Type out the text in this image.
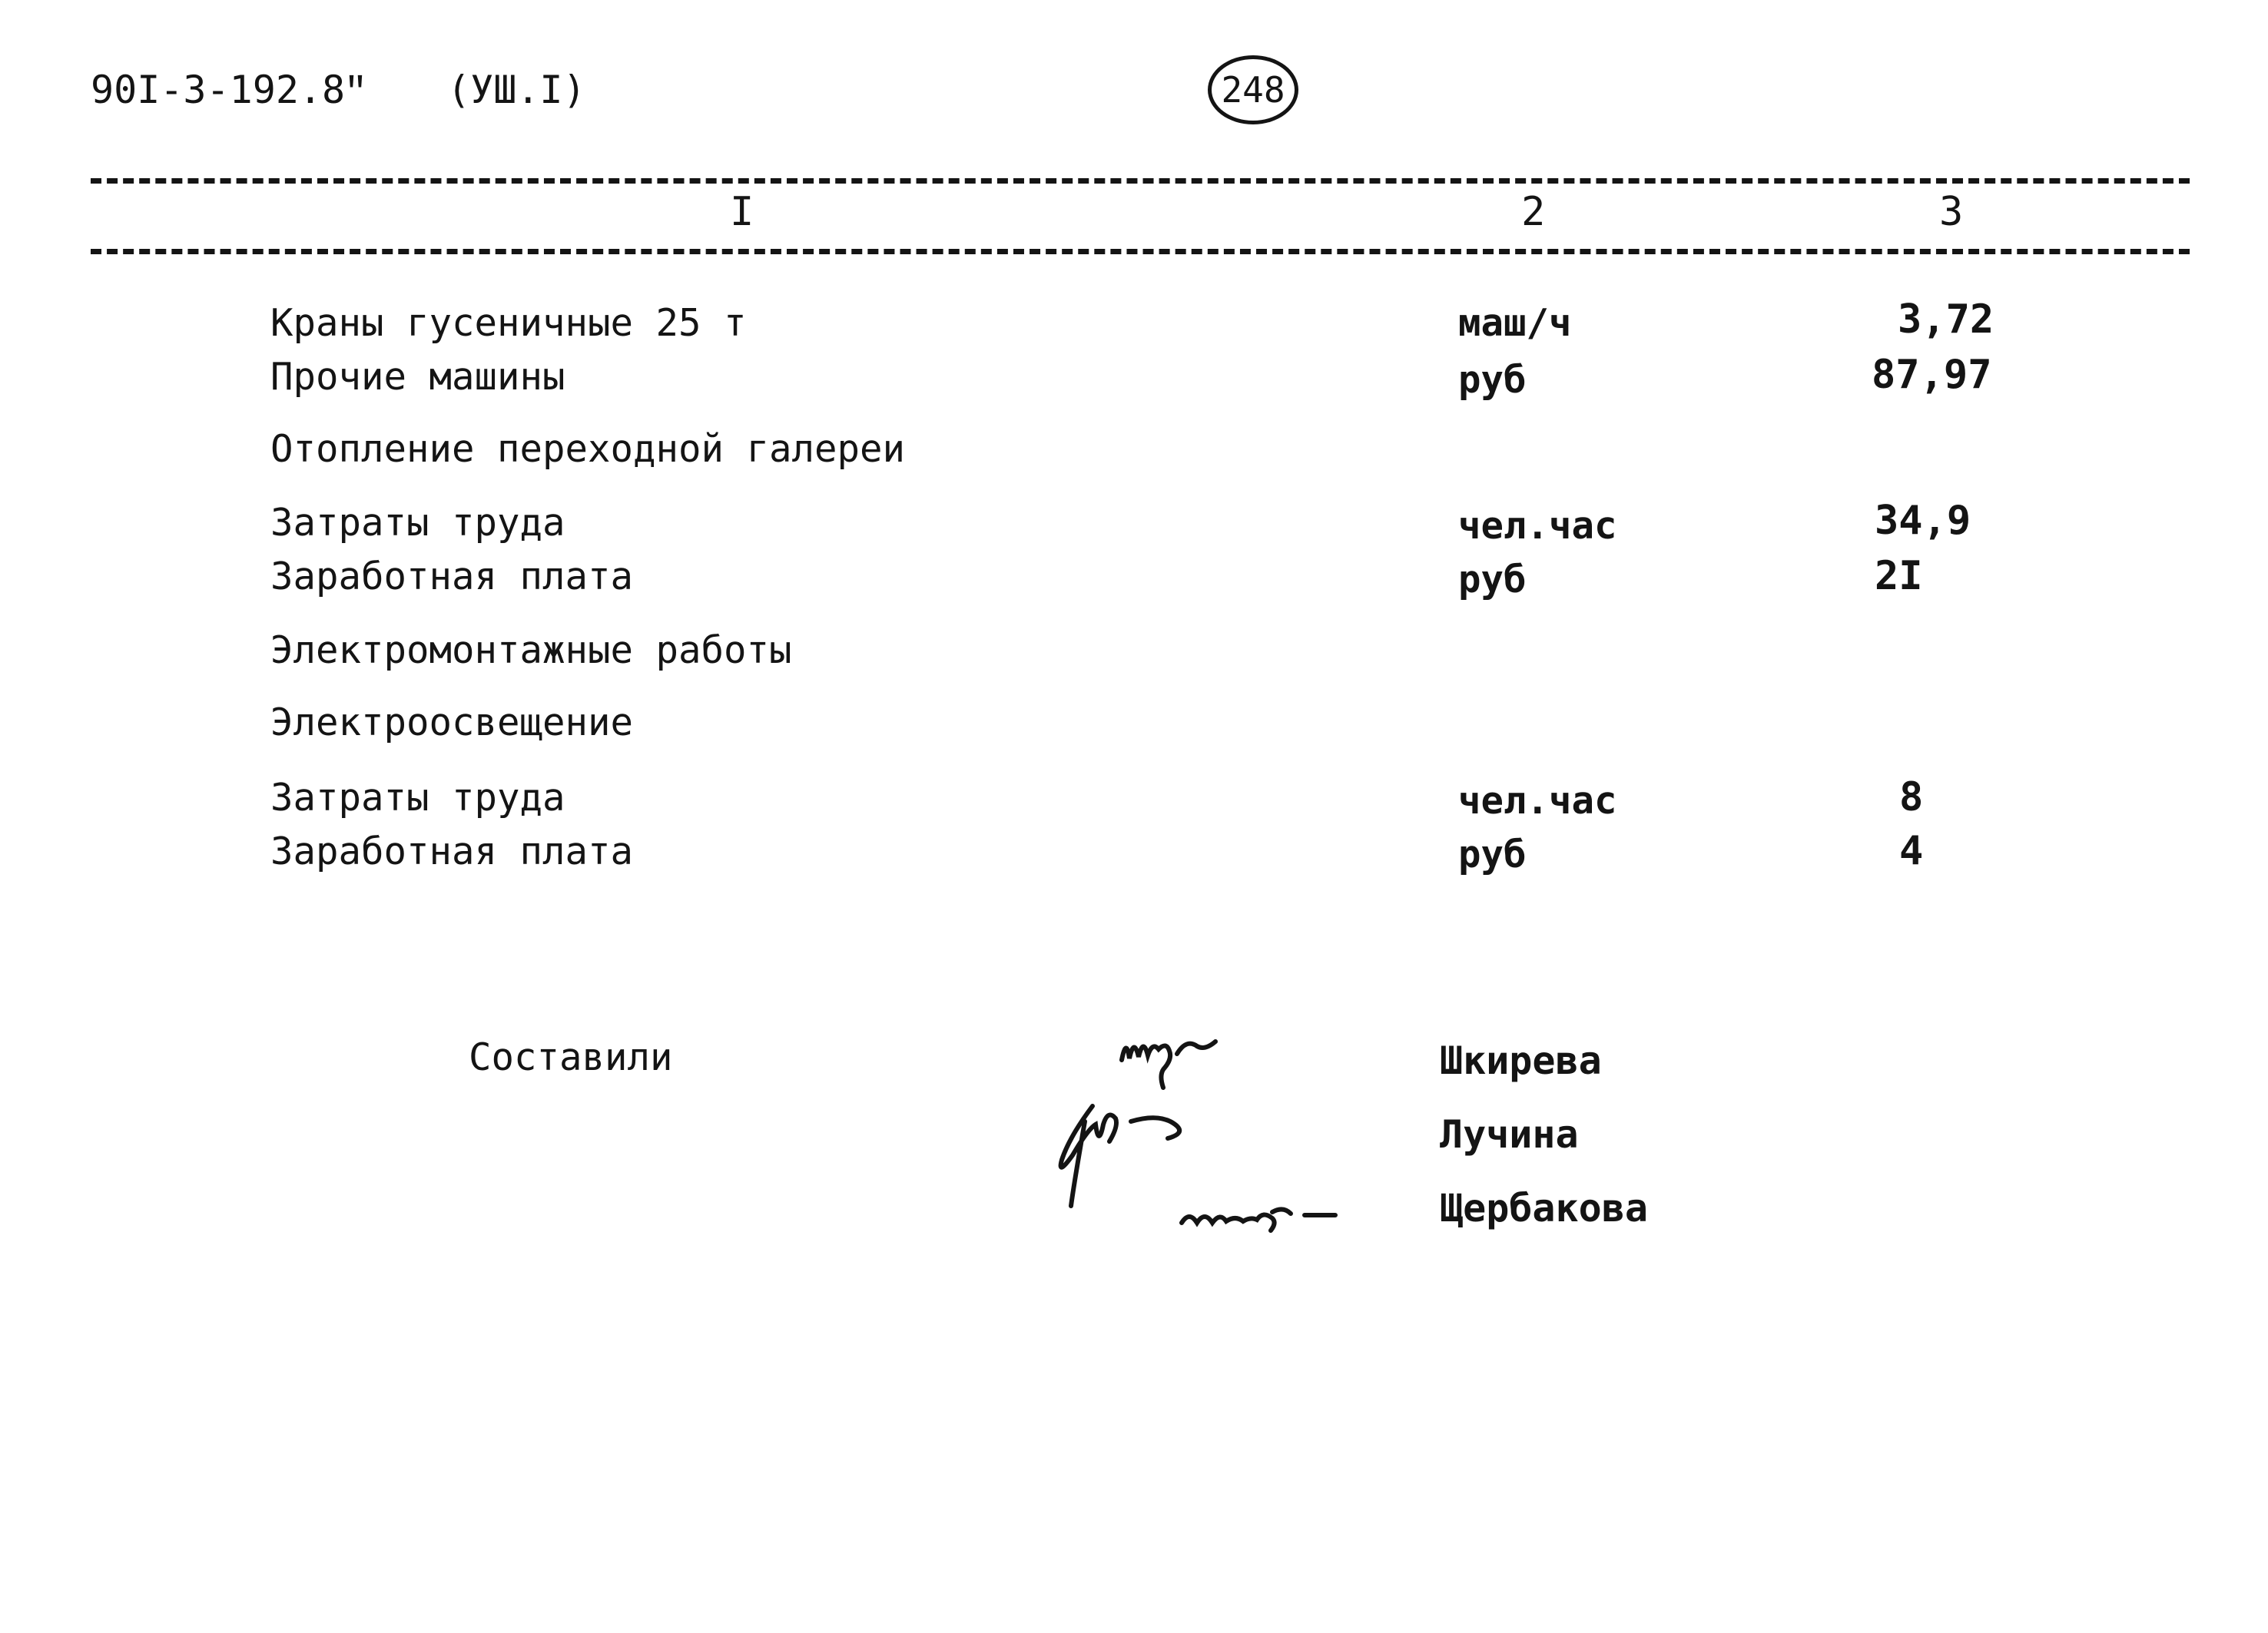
90I-3-192.8
ʺ (УШ.I)	248
I	2	3
Краны гусеничные 25 т	маш/ч	3,72
Прочие машины	руб	87,97
Отопление переходной галереи
Затраты труда	чел.час	34,9
Заработная плата	руб	2I
Электромонтажные работы
Электроосвещение
Затраты труда	чел.час	8
Заработная плата	руб	4
Составили	Шкирева
Лучина
Щербакова
